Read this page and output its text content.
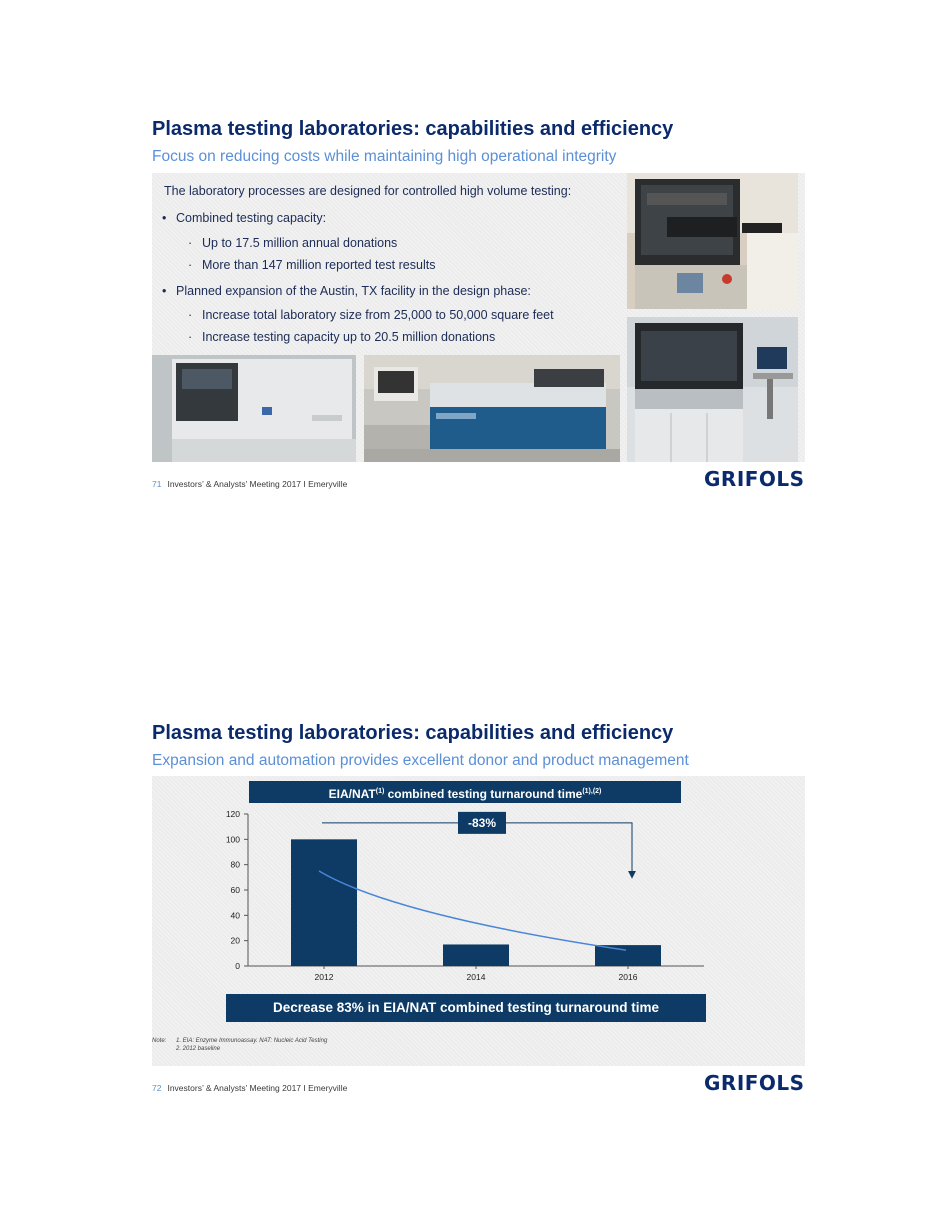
Plasma testing laboratories: capabilities and efficiency
Focus on reducing costs while maintaining high operational integrity
The laboratory processes are designed for controlled high volume testing:
• Combined testing capacity:
· Up to 17.5 million annual donations
· More than 147 million reported test results
• Planned expansion of the Austin, TX facility in the design phase:
· Increase total laboratory size from 25,000 to 50,000 square feet
· Increase testing capacity up to 20.5 million donations
71 Investors’ & Analysts’ Meeting 2017 I Emeryville	GRIFOLS
Plasma testing laboratories: capabilities and efficiency
Expansion and automation provides excellent donor and product management
EIA/NAT$^{(1)}$ combined testing turnaround time$^{(1),(2)}$
0
20
40
60
80
100
120
2012	2014	2016
-83%
Decrease 83% in EIA/NAT combined testing turnaround time
Note: 1. EIA: Enzyme Immunoassay. NAT: Nucleic Acid Testing
2. 2012 baseline
72 Investors’ & Analysts’ Meeting 2017 I Emeryville	GRIFOLS
